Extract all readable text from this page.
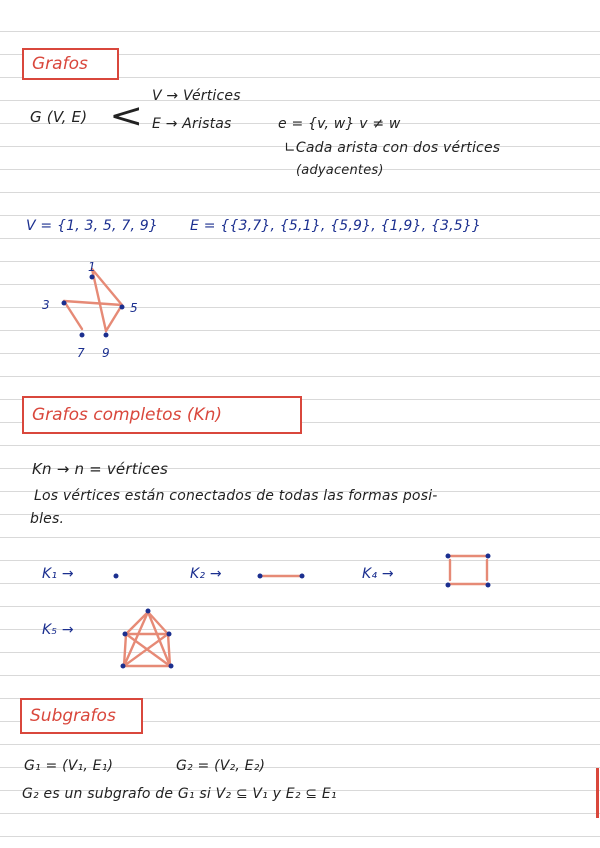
Grafos
G (V, E) < V → Vértices
E → Aristas	e = {v, w} v ≠ w
∟Cada arista con dos vértices
(adyacentes)
V = {1, 3, 5, 7, 9} E = {{3,7}, {5,1}, {5,9}, {1,9}, {3,5}}
1
3	5
7 9
Grafos completos (Kn)
Kn → n = vértices
Los vértices están conectados de todas las formas posi-
bles.
K₁ →	K₂ →	K₄ →
K₅ →
Subgrafos
G₁ = (V₁, E₁)	G₂ = (V₂, E₂)
G₂ es un subgrafo de G₁ si V₂ ⊆ V₁ y E₂ ⊆ E₁
